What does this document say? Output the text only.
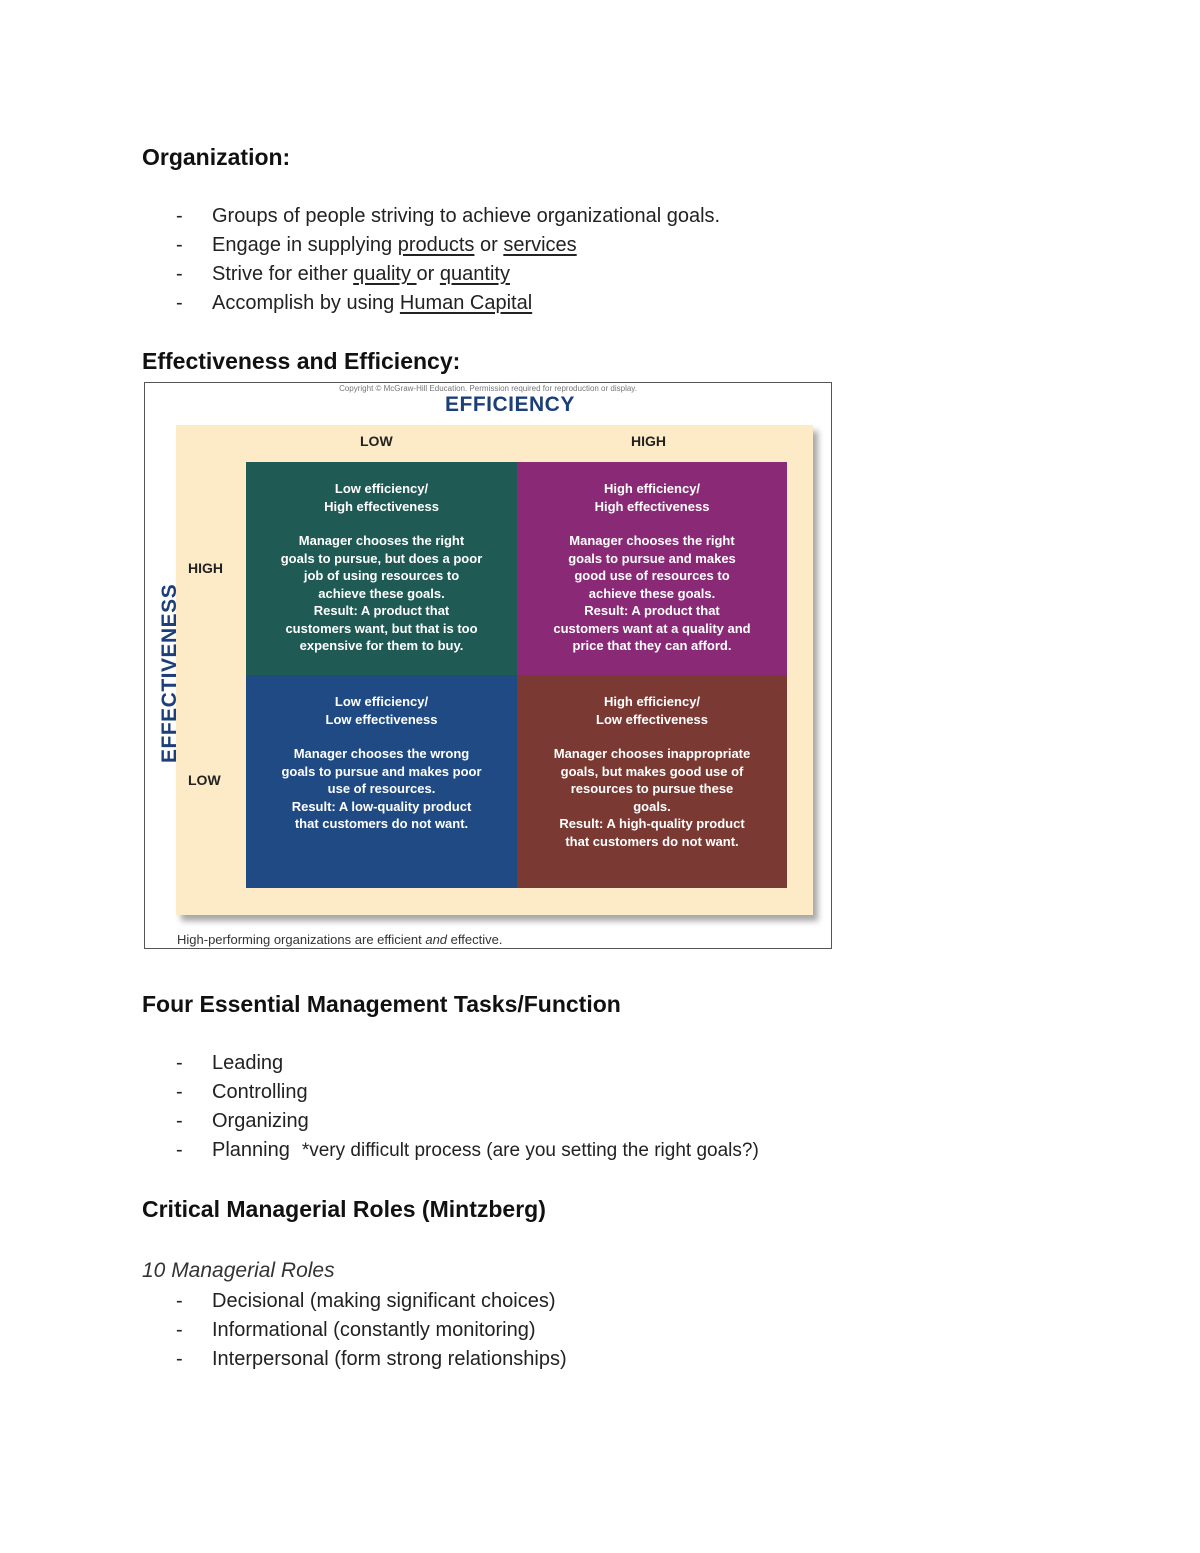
Organization:
- Groups of people striving to achieve organizational goals.
- Engage in supplying products or services
- Strive for either quality or quantity
- Accomplish by using Human Capital
Effectiveness and Efficiency:
Copyright © McGraw-Hill Education. Permission required for reproduction or display.
EFFICIENCY
LOW	HIGH
EFFECTIVENESS
HIGH
LOW
Low efficiency/
High effectiveness
Manager chooses the right
goals to pursue, but does a poor
job of using resources to
achieve these goals.
Result: A product that
customers want, but that is too
expensive for them to buy.
High efficiency/
High effectiveness
Manager chooses the right
goals to pursue and makes
good use of resources to
achieve these goals.
Result: A product that
customers want at a quality and
price that they can afford.
Low efficiency/
Low effectiveness
Manager chooses the wrong
goals to pursue and makes poor
use of resources.
Result: A low-quality product
that customers do not want.
High efficiency/
Low effectiveness
Manager chooses inappropriate
goals, but makes good use of
resources to pursue these
goals.
Result: A high-quality product
that customers do not want.
High-performing organizations are efficient and effective.
Four Essential Management Tasks/Function
- Leading
- Controlling
- Organizing
- Planning *very difficult process (are you setting the right goals?)
Critical Managerial Roles (Mintzberg)

10 Managerial Roles

- Decisional (making significant choices)
- Informational (constantly monitoring)
- Interpersonal (form strong relationships)
